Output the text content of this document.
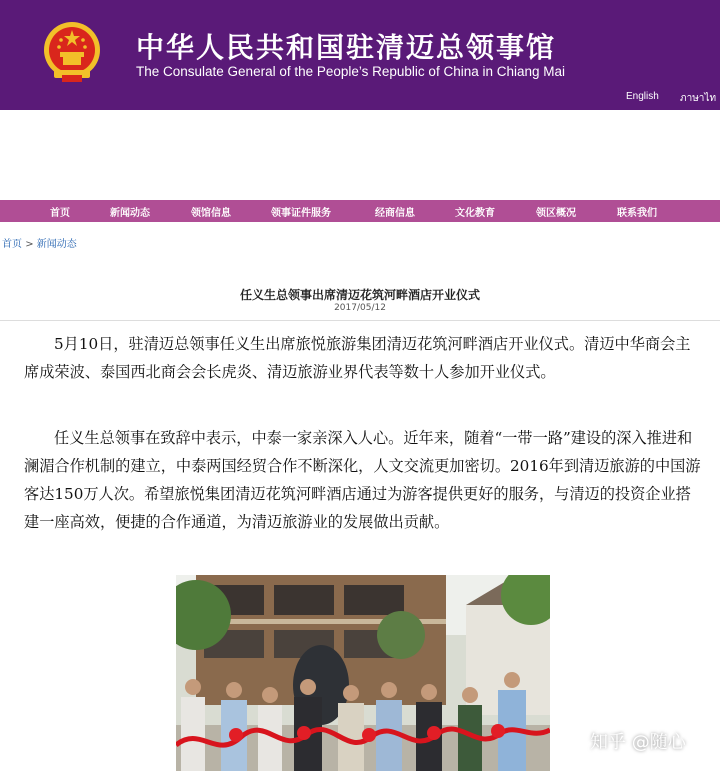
中华人民共和国驻清迈总领事馆
The Consulate General of the People’s Republic of China in Chiang Mai
English ภาษาไท
首页	新闻动态	领馆信息	领事证件服务	经商信息	文化教育	领区概况	联系我们
首页 > 新闻动态
任义生总领事出席清迈花筑河畔酒店开业仪式
2017/05/12

5月10日，驻清迈总领事任义生出席旅悦旅游集团清迈花筑河畔酒店开业仪式。清迈中华商会主席成荣波、泰国西北商会会长虎炎、清迈旅游业界代表等数十人参加开业仪式。

任义生总领事在致辞中表示，中泰一家亲深入人心。近年来，随着“一带一路”建设的深入推进和澜湄合作机制的建立，中泰两国经贸合作不断深化，人文交流更加密切。2016年到清迈旅游的中国游客达150万人次。希望旅悦集团清迈花筑河畔酒店通过为游客提供更好的服务，与清迈的投资企业搭建一座高效，便捷的合作通道，为清迈旅游业的发展做出贡献。

知乎 @随心
